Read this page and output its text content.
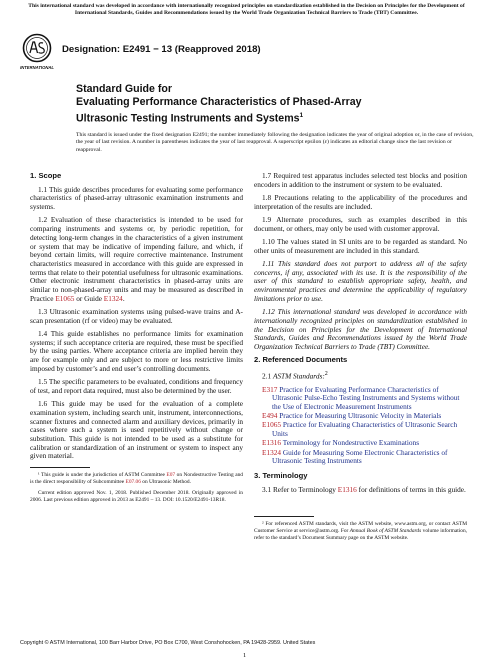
This international standard was developed in accordance with internationally recognized principles on standardization established in the Decision on Principles for the Development of International Standards, Guides and Recommendations issued by the World Trade Organization Technical Barriers to Trade (TBT) Committee.
INTERNATIONAL
Designation: E2491 − 13 (Reapproved 2018)
Standard Guide for
Evaluating Performance Characteristics of Phased-Array
Ultrasonic Testing Instruments and Systems$^1$
This standard is issued under the fixed designation E2491; the number immediately following the designation indicates the year of original adoption or, in the case of revision, the year of last revision. A number in parentheses indicates the year of last reapproval. A superscript epsilon (ε) indicates an editorial change since the last revision or reapproval.
1. Scope

1.1 This guide describes procedures for evaluating some performance characteristics of phased-array ultrasonic examination instruments and systems.

1.2 Evaluation of these characteristics is intended to be used for comparing instruments and systems or, by periodic repetition, for detecting long-term changes in the characteristics of a given instrument or system that may be indicative of impending failure, and which, if beyond certain limits, will require corrective maintenance. Instrument characteristics measured in accordance with this guide are expressed in terms that relate to their potential usefulness for ultrasonic examinations. Other electronic instrument characteristics in phased-array units are similar to non-phased-array units and may be measured as described in Practice E1065 or Guide E1324.

1.3 Ultrasonic examination systems using pulsed-wave trains and A-scan presentation (rf or video) may be evaluated.

1.4 This guide establishes no performance limits for examination systems; if such acceptance criteria are required, these must be specified by the using parties. Where acceptance criteria are implied herein they are for example only and are subject to more or less restrictive limits imposed by customer’s and end user’s controlling documents.

1.5 The specific parameters to be evaluated, conditions and frequency of test, and report data required, must also be determined by the user.

1.6 This guide may be used for the evaluation of a complete examination system, including search unit, instrument, interconnections, scanner fixtures and connected alarm and auxiliary devices, primarily in cases where such a system is used repetitively without change or substitution. This guide is not intended to be used as a substitute for calibration or standardization of an instrument or system to inspect any given material.

¹ This guide is under the jurisdiction of ASTM Committee E07 on Nondestructive Testing and is the direct responsibility of Subcommittee E07.06 on Ultrasonic Method.

Current edition approved Nov. 1, 2018. Published December 2018. Originally approved in 2006. Last previous edition approved in 2013 as E2491 – 13. DOI: 10.1520/E2491-13R18.

1.7 Required test apparatus includes selected test blocks and position encoders in addition to the instrument or system to be evaluated.

1.8 Precautions relating to the applicability of the procedures and interpretation of the results are included.

1.9 Alternate procedures, such as examples described in this document, or others, may only be used with customer approval.

1.10 The values stated in SI units are to be regarded as standard. No other units of measurement are included in this standard.

1.11 This standard does not purport to address all of the safety concerns, if any, associated with its use. It is the responsibility of the user of this standard to establish appropriate safety, health, and environmental practices and determine the applicability of regulatory limitations prior to use.

1.12 This international standard was developed in accordance with internationally recognized principles on standardization established in the Decision on Principles for the Development of International Standards, Guides and Recommendations issued by the World Trade Organization Technical Barriers to Trade (TBT) Committee.

2. Referenced Documents

2.1 ASTM Standards:$^2$

E317 Practice for Evaluating Performance Characteristics of Ultrasonic Pulse-Echo Testing Instruments and Systems without the Use of Electronic Measurement Instruments
E494 Practice for Measuring Ultrasonic Velocity in Materials
E1065 Practice for Evaluating Characteristics of Ultrasonic Search Units
E1316 Terminology for Nondestructive Examinations
E1324 Guide for Measuring Some Electronic Characteristics of Ultrasonic Testing Instruments
3. Terminology

3.1 Refer to Terminology E1316 for definitions of terms in this guide.

² For referenced ASTM standards, visit the ASTM website, www.astm.org, or contact ASTM Customer Service at service@astm.org. For Annual Book of ASTM Standards volume information, refer to the standard’s Document Summary page on the ASTM website.

Copyright © ASTM International, 100 Barr Harbor Drive, PO Box C700, West Conshohocken, PA 19428-2959. United States
1
